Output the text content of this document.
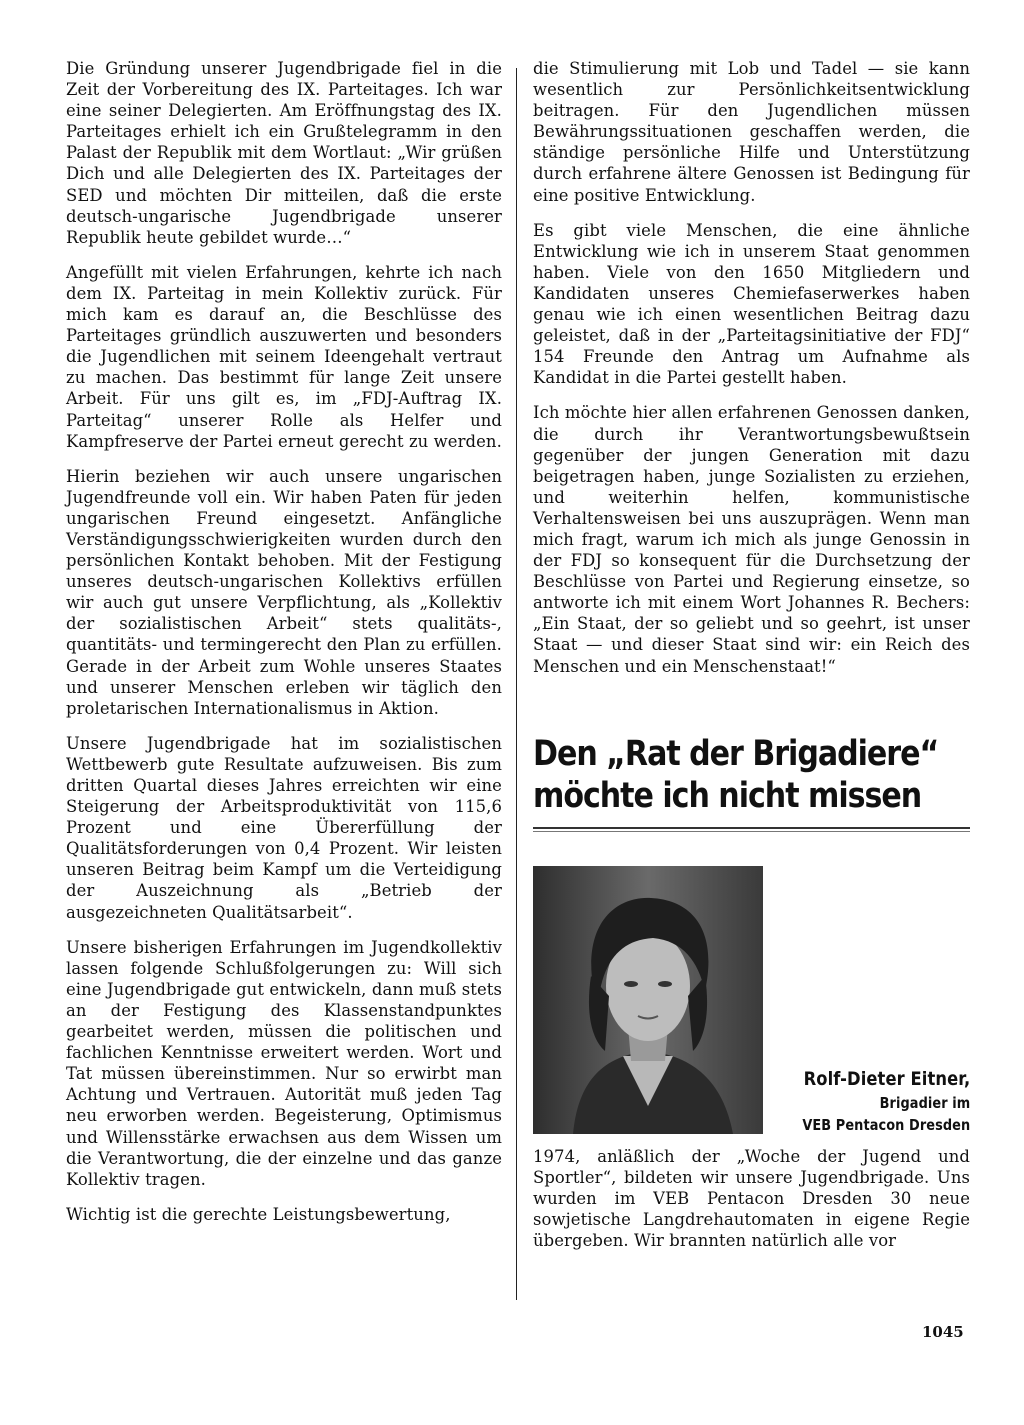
Die Gründung unserer Jugendbrigade fiel in die Zeit der Vorbereitung des IX. Parteitages. Ich war eine seiner Delegierten. Am Eröffnungstag des IX. Parteitages erhielt ich ein Grußtelegramm in den Palast der Republik mit dem Wortlaut: „Wir grüßen Dich und alle Delegierten des IX. Parteitages der SED und möchten Dir mitteilen, daß die erste deutsch-ungarische Jugendbrigade unserer Republik heute gebildet wurde…“

Angefüllt mit vielen Erfahrungen, kehrte ich nach dem IX. Parteitag in mein Kollektiv zurück. Für mich kam es darauf an, die Beschlüsse des Parteitages gründlich auszuwerten und besonders die Jugendlichen mit seinem Ideengehalt vertraut zu machen. Das bestimmt für lange Zeit unsere Arbeit. Für uns gilt es, im „FDJ-Auftrag IX. Parteitag“ unserer Rolle als Helfer und Kampfreserve der Partei erneut gerecht zu werden.

Hierin beziehen wir auch unsere ungarischen Jugendfreunde voll ein. Wir haben Paten für jeden ungarischen Freund eingesetzt. Anfängliche Verständigungsschwierigkeiten wurden durch den persönlichen Kontakt behoben. Mit der Festigung unseres deutsch-ungarischen Kollektivs erfüllen wir auch gut unsere Verpflichtung, als „Kollektiv der sozialistischen Arbeit“ stets qualitäts-, quantitäts- und termingerecht den Plan zu erfüllen. Gerade in der Arbeit zum Wohle unseres Staates und unserer Menschen erleben wir täglich den proletarischen Internationalismus in Aktion.

Unsere Jugendbrigade hat im sozialistischen Wettbewerb gute Resultate aufzuweisen. Bis zum dritten Quartal dieses Jahres erreichten wir eine Steigerung der Arbeitsproduktivität von 115,6 Prozent und eine Übererfüllung der Qualitätsforderungen von 0,4 Prozent. Wir leisten unseren Beitrag beim Kampf um die Verteidigung der Auszeichnung als „Betrieb der ausgezeichneten Qualitätsarbeit“.

Unsere bisherigen Erfahrungen im Jugendkollektiv lassen folgende Schlußfolgerungen zu: Will sich eine Jugendbrigade gut entwickeln, dann muß stets an der Festigung des Klassenstandpunktes gearbeitet werden, müssen die politischen und fachlichen Kenntnisse erweitert werden. Wort und Tat müssen übereinstimmen. Nur so erwirbt man Achtung und Vertrauen. Autorität muß jeden Tag neu erworben werden. Begeisterung, Optimismus und Willensstärke erwachsen aus dem Wissen um die Verantwortung, die der einzelne und das ganze Kollektiv tragen.

Wichtig ist die gerechte Leistungsbewertung,

die Stimulierung mit Lob und Tadel — sie kann wesentlich zur Persönlichkeitsentwicklung beitragen. Für den Jugendlichen müssen Bewährungssituationen geschaffen werden, die ständige persönliche Hilfe und Unterstützung durch erfahrene ältere Genossen ist Bedingung für eine positive Entwicklung.

Es gibt viele Menschen, die eine ähnliche Entwicklung wie ich in unserem Staat genommen haben. Viele von den 1650 Mitgliedern und Kandidaten unseres Chemiefaserwerkes haben genau wie ich einen wesentlichen Beitrag dazu geleistet, daß in der „Parteitagsinitiative der FDJ“ 154 Freunde den Antrag um Aufnahme als Kandidat in die Partei gestellt haben.

Ich möchte hier allen erfahrenen Genossen danken, die durch ihr Verantwortungsbewußtsein gegenüber der jungen Generation mit dazu beigetragen haben, junge Sozialisten zu erziehen, und weiterhin helfen, kommunistische Verhaltensweisen bei uns auszuprägen. Wenn man mich fragt, warum ich mich als junge Genossin in der FDJ so konsequent für die Durchsetzung der Beschlüsse von Partei und Regierung einsetze, so antworte ich mit einem Wort Johannes R. Bechers: „Ein Staat, der so geliebt und so geehrt, ist unser Staat — und dieser Staat sind wir: ein Reich des Menschen und ein Menschenstaat!“

Den „Rat der Brigadiere“ möchte ich nicht missen
Rolf-Dieter Eitner,
Brigadier im
VEB Pentacon Dresden

1974, anläßlich der „Woche der Jugend und Sportler“, bildeten wir unsere Jugendbrigade. Uns wurden im VEB Pentacon Dresden 30 neue sowjetische Langdrehautomaten in eigene Regie übergeben. Wir brannten natürlich alle vor

1045
